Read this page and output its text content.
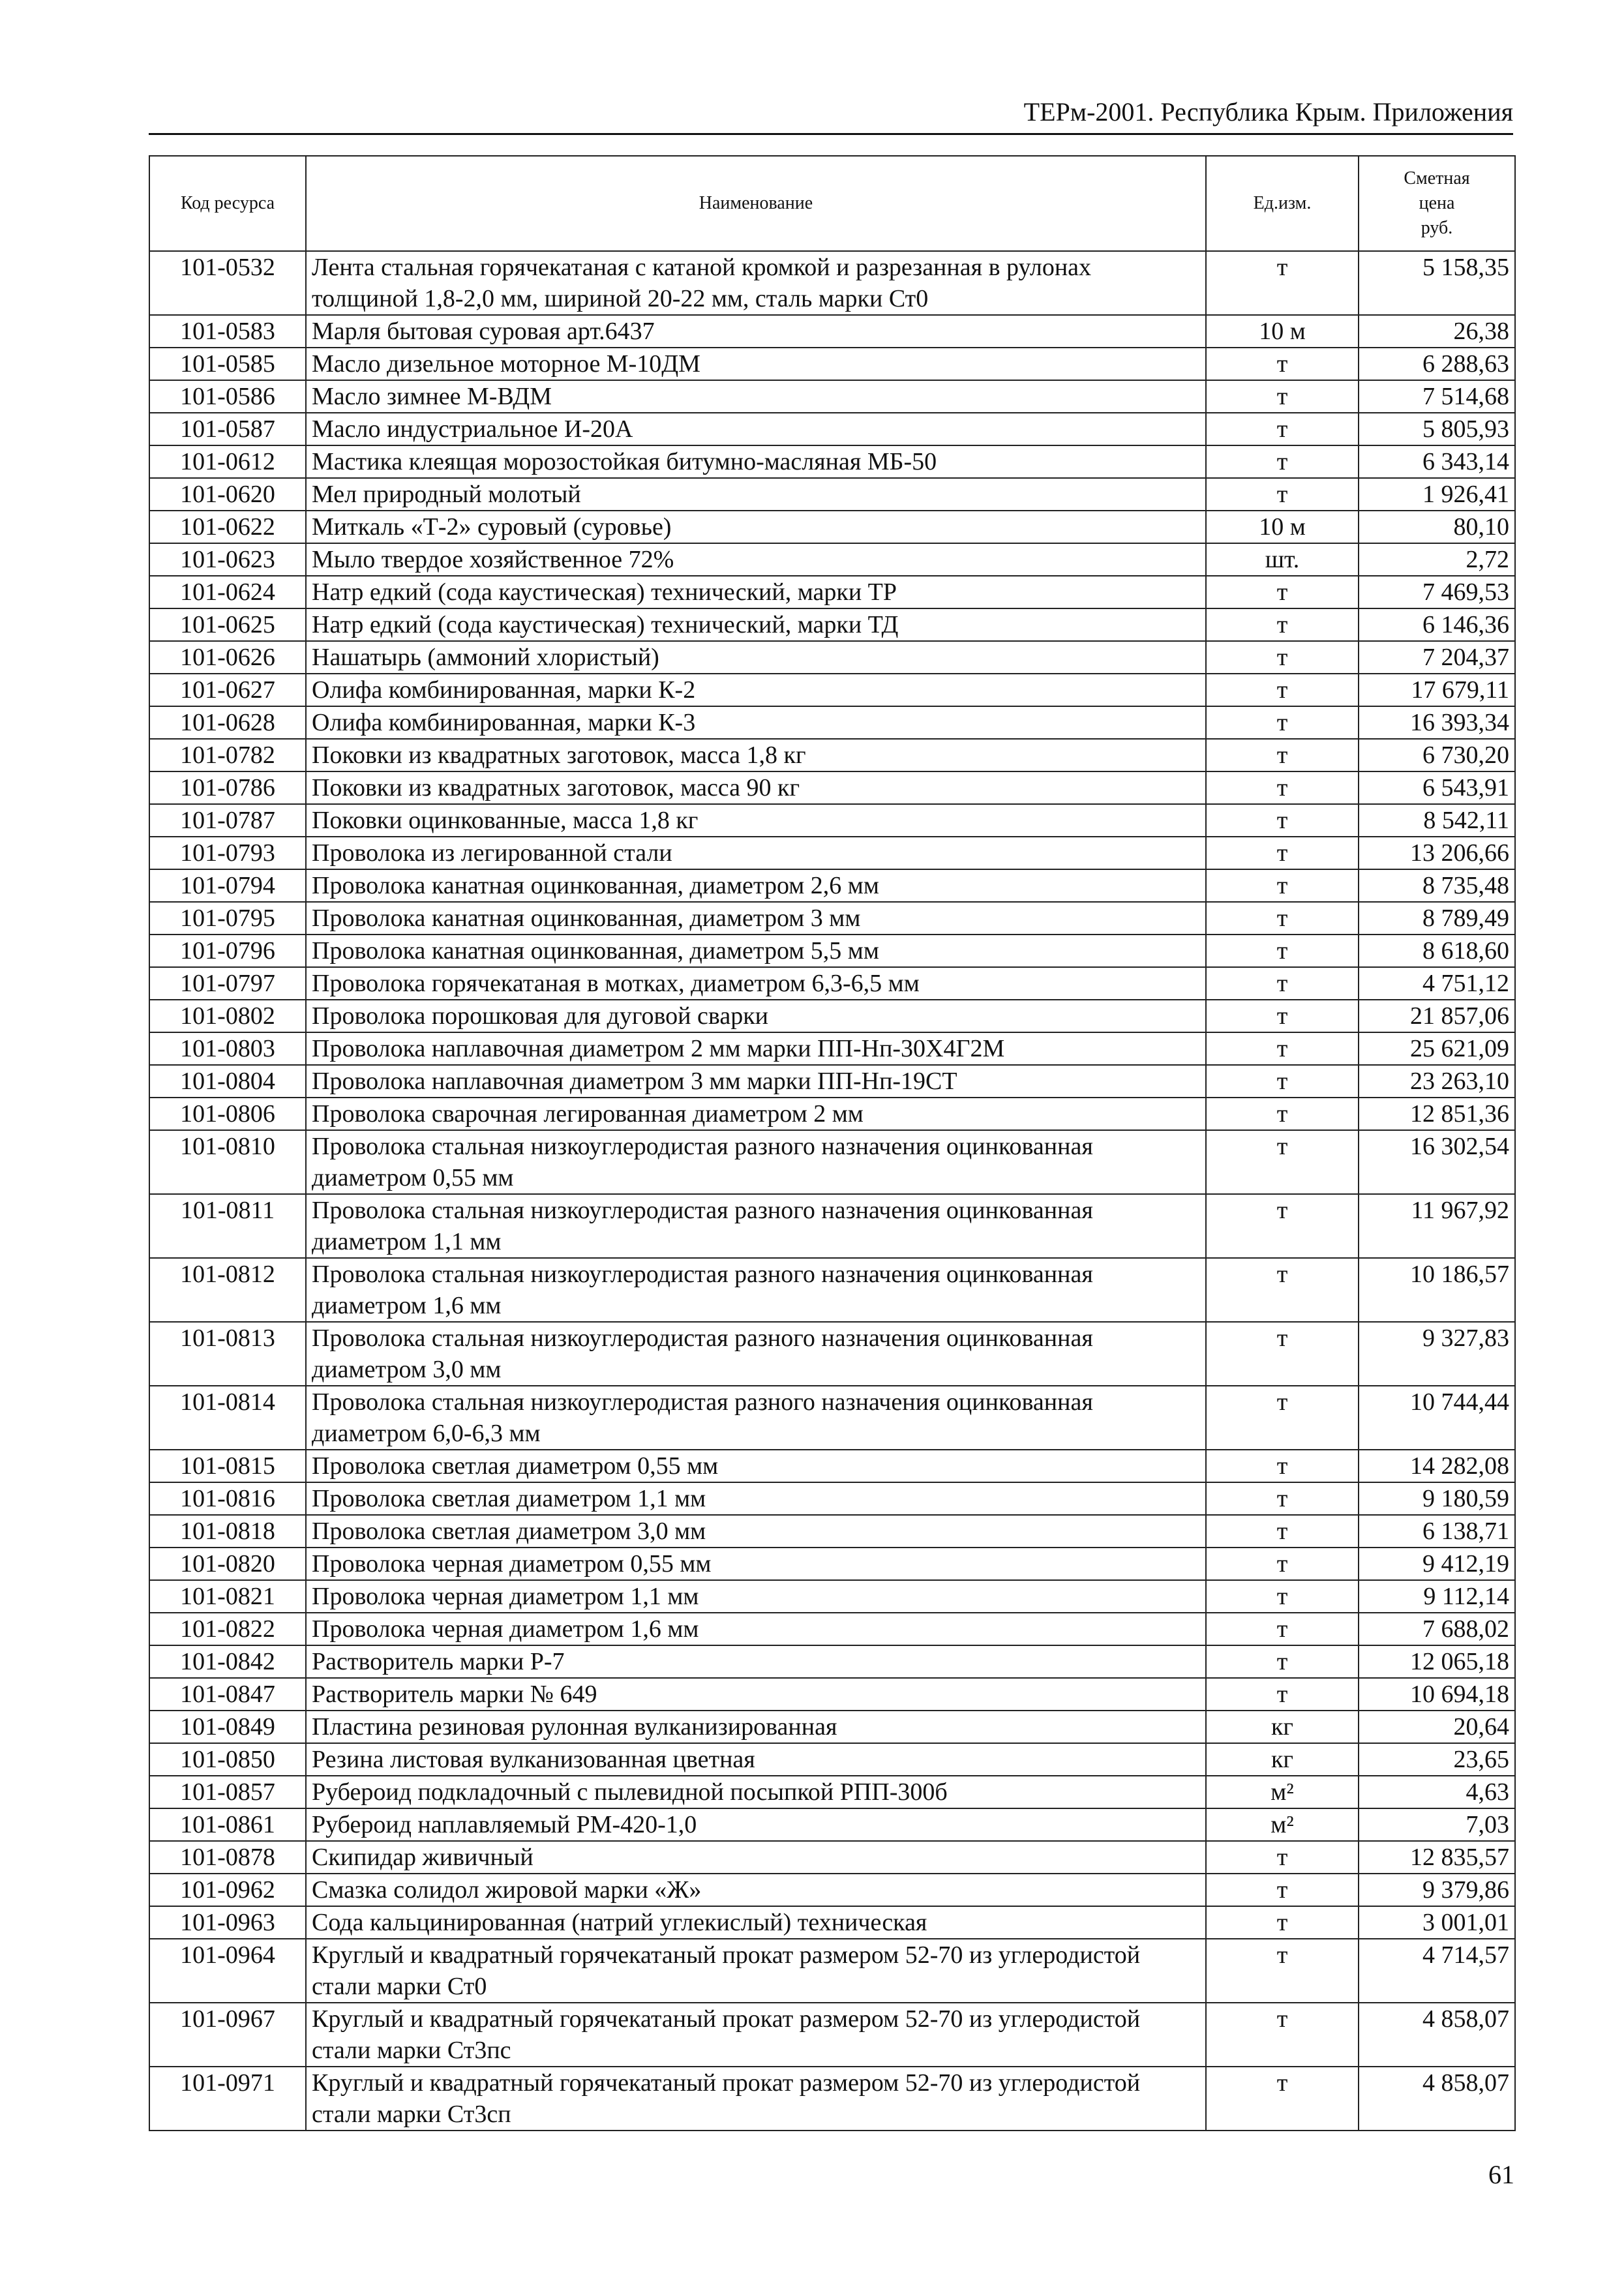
ТЕРм-2001. Республика Крым. Приложения
Код ресурса	Наименование	Ед.изм.	Сметная
цена
руб.
101-0532	Лента стальная горячекатаная с катаной кромкой и разрезанная в рулонах толщиной 1,8-2,0 мм, шириной 20-22 мм, сталь марки Ст0	т	5 158,35
101-0583	Марля бытовая суровая арт.6437	10 м	26,38
101-0585	Масло дизельное моторное М-10ДМ	т	6 288,63
101-0586	Масло зимнее М-ВДМ	т	7 514,68
101-0587	Масло индустриальное И-20А	т	5 805,93
101-0612	Мастика клеящая морозостойкая битумно-масляная МБ-50	т	6 343,14
101-0620	Мел природный молотый	т	1 926,41
101-0622	Миткаль «Т-2» суровый (суровье)	10 м	80,10
101-0623	Мыло твердое хозяйственное 72%	шт.	2,72
101-0624	Натр едкий (сода каустическая) технический, марки ТР	т	7 469,53
101-0625	Натр едкий (сода каустическая) технический, марки ТД	т	6 146,36
101-0626	Нашатырь (аммоний хлористый)	т	7 204,37
101-0627	Олифа комбинированная, марки К-2	т	17 679,11
101-0628	Олифа комбинированная, марки К-3	т	16 393,34
101-0782	Поковки из квадратных заготовок, масса 1,8 кг	т	6 730,20
101-0786	Поковки из квадратных заготовок, масса 90 кг	т	6 543,91
101-0787	Поковки оцинкованные, масса 1,8 кг	т	8 542,11
101-0793	Проволока из легированной стали	т	13 206,66
101-0794	Проволока канатная оцинкованная, диаметром 2,6 мм	т	8 735,48
101-0795	Проволока канатная оцинкованная, диаметром 3 мм	т	8 789,49
101-0796	Проволока канатная оцинкованная, диаметром 5,5 мм	т	8 618,60
101-0797	Проволока горячекатаная в мотках, диаметром 6,3-6,5 мм	т	4 751,12
101-0802	Проволока порошковая для дуговой сварки	т	21 857,06
101-0803	Проволока наплавочная диаметром 2 мм марки ПП-Нп-30Х4Г2М	т	25 621,09
101-0804	Проволока наплавочная диаметром 3 мм марки ПП-Нп-19СТ	т	23 263,10
101-0806	Проволока сварочная легированная диаметром 2 мм	т	12 851,36
101-0810	Проволока стальная низкоуглеродистая разного назначения оцинкованная диаметром 0,55 мм	т	16 302,54
101-0811	Проволока стальная низкоуглеродистая разного назначения оцинкованная диаметром 1,1 мм	т	11 967,92
101-0812	Проволока стальная низкоуглеродистая разного назначения оцинкованная диаметром 1,6 мм	т	10 186,57
101-0813	Проволока стальная низкоуглеродистая разного назначения оцинкованная диаметром 3,0 мм	т	9 327,83
101-0814	Проволока стальная низкоуглеродистая разного назначения оцинкованная диаметром 6,0-6,3 мм	т	10 744,44
101-0815	Проволока светлая диаметром 0,55 мм	т	14 282,08
101-0816	Проволока светлая диаметром 1,1 мм	т	9 180,59
101-0818	Проволока светлая диаметром 3,0 мм	т	6 138,71
101-0820	Проволока черная диаметром 0,55 мм	т	9 412,19
101-0821	Проволока черная диаметром 1,1 мм	т	9 112,14
101-0822	Проволока черная диаметром 1,6 мм	т	7 688,02
101-0842	Растворитель марки Р-7	т	12 065,18
101-0847	Растворитель марки № 649	т	10 694,18
101-0849	Пластина резиновая рулонная вулканизированная	кг	20,64
101-0850	Резина листовая вулканизованная цветная	кг	23,65
101-0857	Рубероид подкладочный с пылевидной посыпкой РПП-300б	м²	4,63
101-0861	Рубероид наплавляемый РМ-420-1,0	м²	7,03
101-0878	Скипидар живичный	т	12 835,57
101-0962	Смазка солидол жировой марки «Ж»	т	9 379,86
101-0963	Сода кальцинированная (натрий углекислый) техническая	т	3 001,01
101-0964	Круглый и квадратный горячекатаный прокат размером 52-70 из углеродистой стали марки Ст0	т	4 714,57
101-0967	Круглый и квадратный горячекатаный прокат размером 52-70 из углеродистой стали марки Ст3пс	т	4 858,07
101-0971	Круглый и квадратный горячекатаный прокат размером 52-70 из углеродистой стали марки Ст3сп	т	4 858,07
61
